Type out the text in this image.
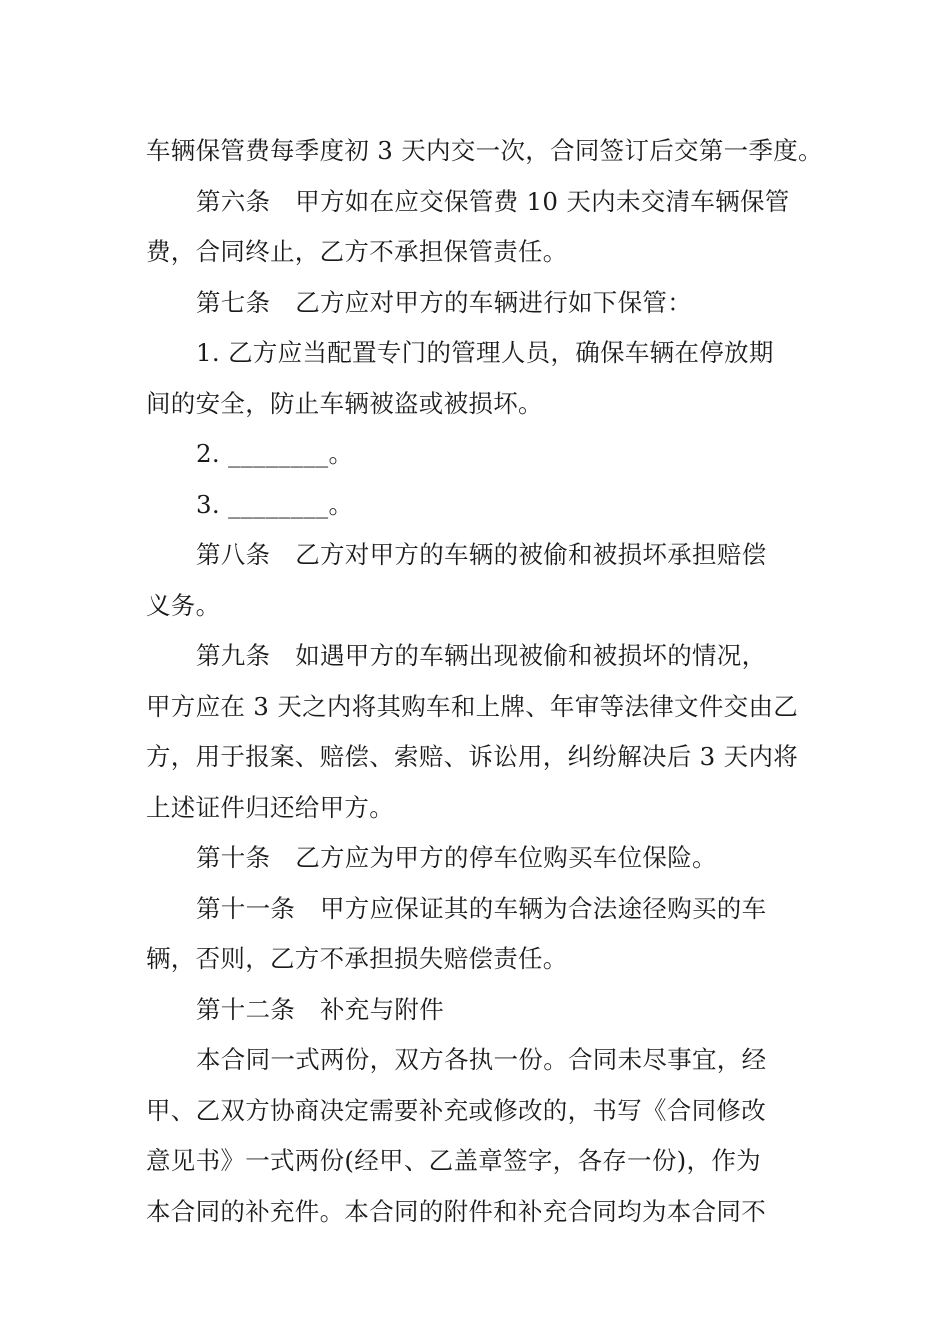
车辆保管费每季度初 3 天内交一次，合同签订后交第一季度。
第六条　甲方如在应交保管费 10 天内未交清车辆保管
费，合同终止，乙方不承担保管责任。
第七条　乙方应对甲方的车辆进行如下保管：
1. 乙方应当配置专门的管理人员，确保车辆在停放期
间的安全，防止车辆被盗或被损坏。
2. ________。
3. ________。
第八条　乙方对甲方的车辆的被偷和被损坏承担赔偿
义务。
第九条　如遇甲方的车辆出现被偷和被损坏的情况，
甲方应在 3 天之内将其购车和上牌、年审等法律文件交由乙
方，用于报案、赔偿、索赔、诉讼用，纠纷解决后 3 天内将
上述证件归还给甲方。
第十条　乙方应为甲方的停车位购买车位保险。
第十一条　甲方应保证其的车辆为合法途径购买的车
辆，否则，乙方不承担损失赔偿责任。
第十二条　补充与附件
本合同一式两份，双方各执一份。合同未尽事宜，经
甲、乙双方协商决定需要补充或修改的，书写《合同修改
意见书》一式两份(经甲、乙盖章签字，各存一份)，作为
本合同的补充件。本合同的附件和补充合同均为本合同不
